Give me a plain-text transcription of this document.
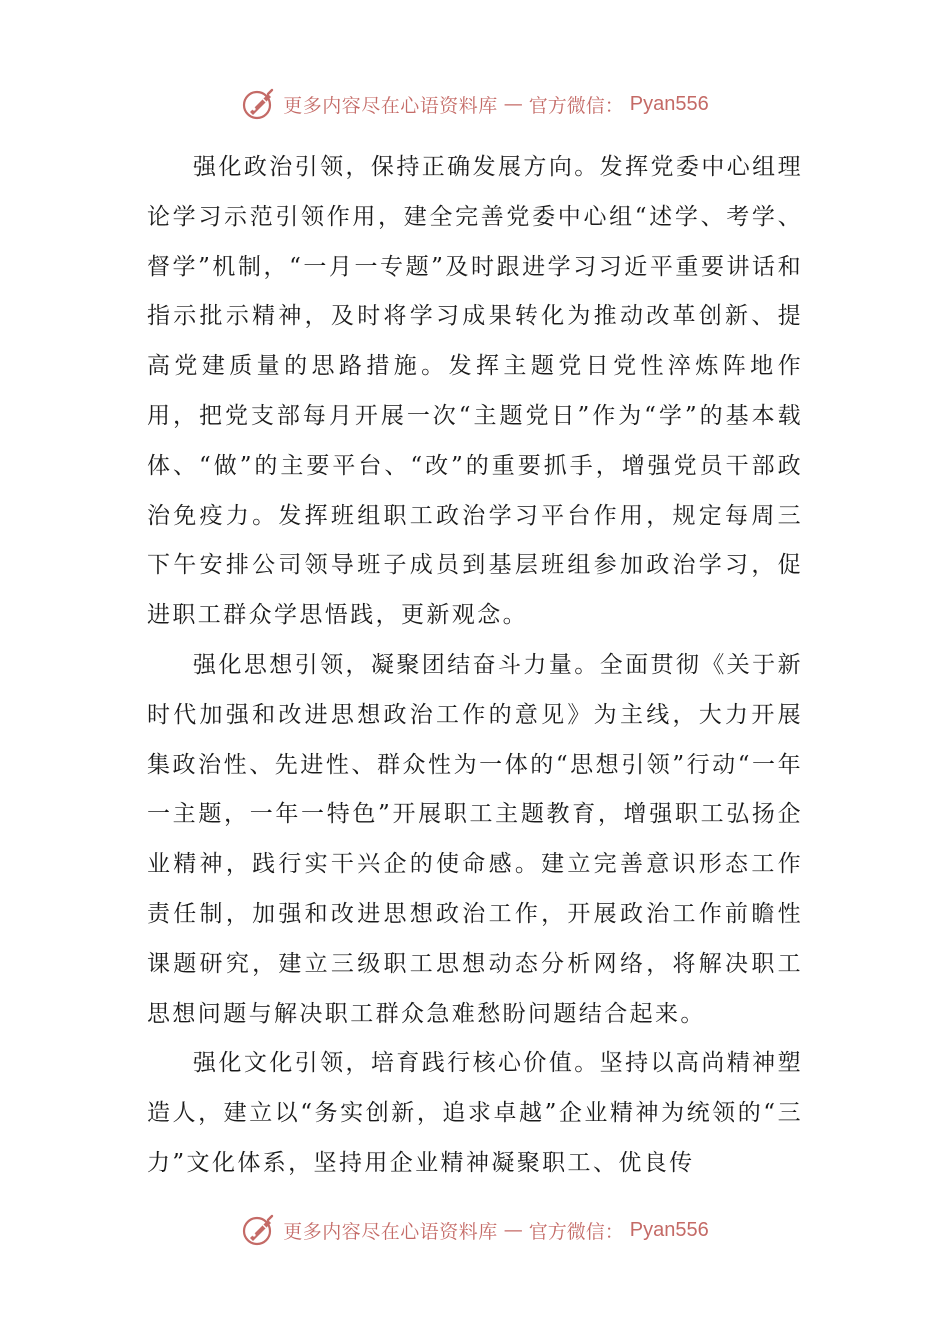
更多内容尽在心语资料库 — 官方微信： Pyan556

强化政治引领，保持正确发展方向。发挥党委中心组理论学习示范引领作用，建全完善党委中心组“述学、考学、督学”机制，“一月一专题”及时跟进学习习近平重要讲话和指示批示精神，及时将学习成果转化为推动改革创新、提高党建质量的思路措施。发挥主题党日党性淬炼阵地作用，把党支部每月开展一次“主题党日”作为“学”的基本载体、“做”的主要平台、“改”的重要抓手，增强党员干部政治免疫力。发挥班组职工政治学习平台作用，规定每周三下午安排公司领导班子成员到基层班组参加政治学习，促进职工群众学思悟践，更新观念。

强化思想引领，凝聚团结奋斗力量。全面贯彻《关于新时代加强和改进思想政治工作的意见》为主线，大力开展集政治性、先进性、群众性为一体的“思想引领”行动“一年一主题，一年一特色”开展职工主题教育，增强职工弘扬企业精神，践行实干兴企的使命感。建立完善意识形态工作责任制，加强和改进思想政治工作，开展政治工作前瞻性课题研究，建立三级职工思想动态分析网络，将解决职工思想问题与解决职工群众急难愁盼问题结合起来。

强化文化引领，培育践行核心价值。坚持以高尚精神塑造人，建立以“务实创新，追求卓越”企业精神为统领的“三力”文化体系，坚持用企业精神凝聚职工、优良传

更多内容尽在心语资料库 — 官方微信： Pyan556
